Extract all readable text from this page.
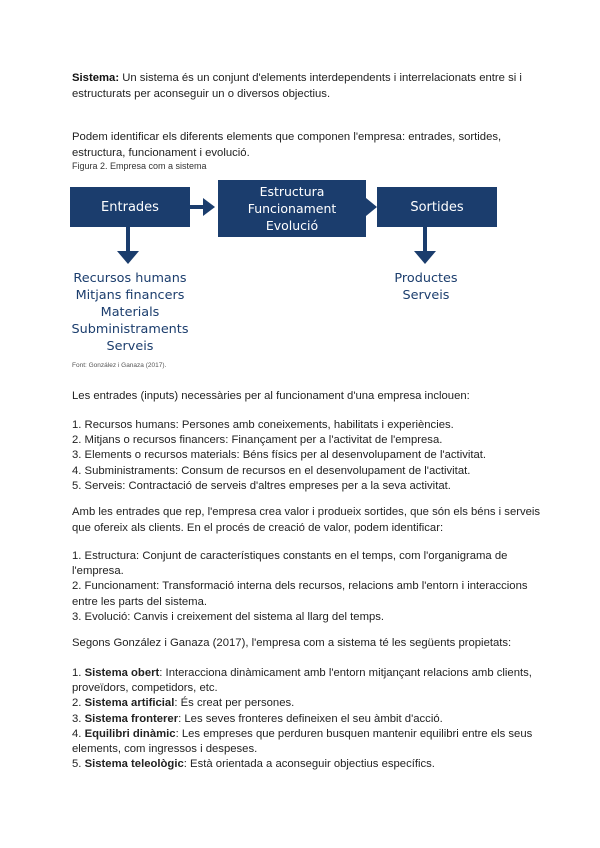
Sistema: Un sistema és un conjunt d'elements interdependents i interrelacionats entre si i estructurats per aconseguir un o diversos objectius.

Podem identificar els diferents elements que componen l'empresa: entrades, sortides, estructura, funcionament i evolució.

Figura 2. Empresa com a sistema
Entrades
Estructura
Funcionament
Evolució
Sortides
Recursos humans
Mitjans financers
Materials
Subministraments
Serveis
Productes
Serveis
Font: González i Ganaza (2017).

Les entrades (inputs) necessàries per al funcionament d'una empresa inclouen:

1. Recursos humans: Persones amb coneixements, habilitats i experiències.
2. Mitjans o recursos financers: Finançament per a l'activitat de l'empresa.
3. Elements o recursos materials: Béns físics per al desenvolupament de l'activitat.
4. Subministraments: Consum de recursos en el desenvolupament de l'activitat.
5. Serveis: Contractació de serveis d'altres empreses per a la seva activitat.

Amb les entrades que rep, l'empresa crea valor i produeix sortides, que són els béns i serveis que ofereix als clients. En el procés de creació de valor, podem identificar:

1. Estructura: Conjunt de característiques constants en el temps, com l'organigrama de l'empresa.
2. Funcionament: Transformació interna dels recursos, relacions amb l'entorn i interaccions entre les parts del sistema.
3. Evolució: Canvis i creixement del sistema al llarg del temps.

Segons González i Ganaza (2017), l'empresa com a sistema té les següents propietats:

1. Sistema obert: Interacciona dinàmicament amb l'entorn mitjançant relacions amb clients, proveïdors, competidors, etc.
2. Sistema artificial: És creat per persones.
3. Sistema fronterer: Les seves fronteres defineixen el seu àmbit d'acció.
4. Equilibri dinàmic: Les empreses que perduren busquen mantenir equilibri entre els seus elements, com ingressos i despeses.
5. Sistema teleològic: Està orientada a aconseguir objectius específics.
